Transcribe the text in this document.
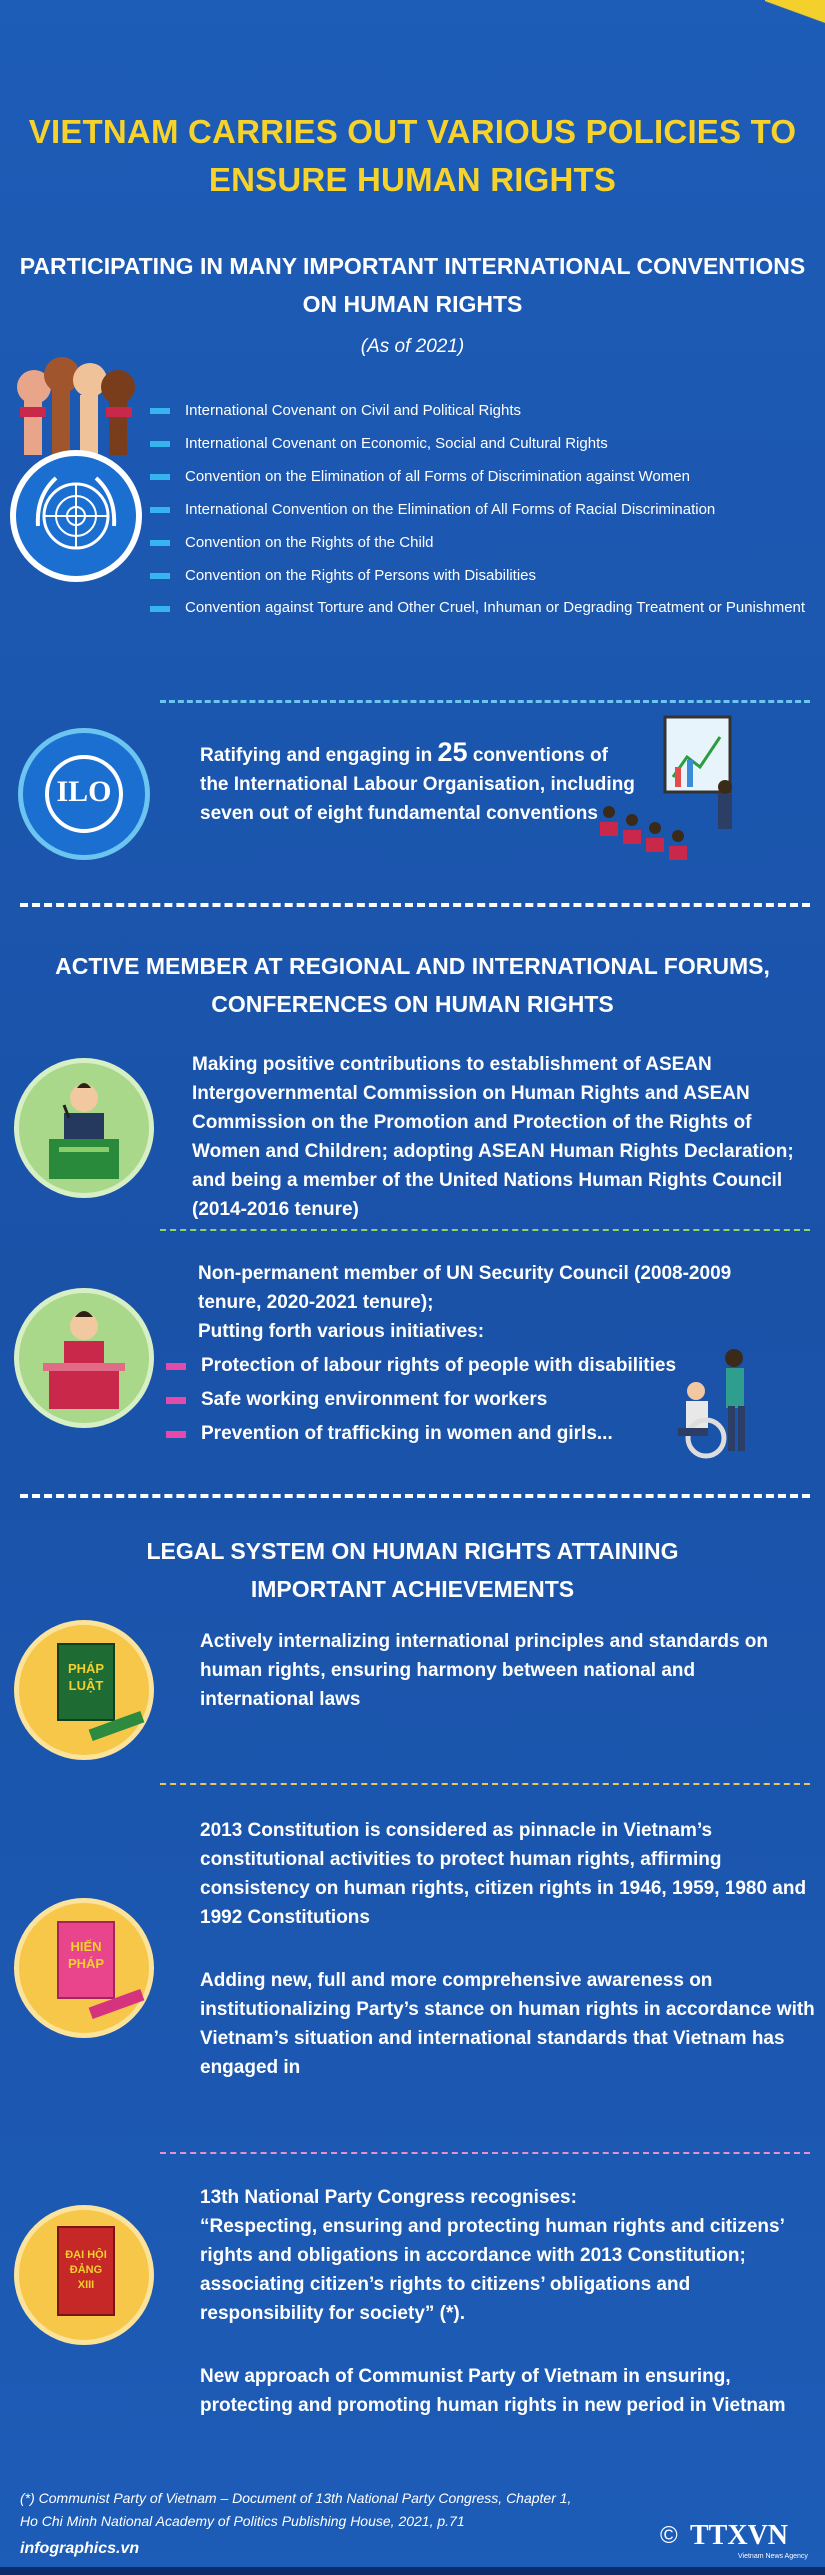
VIETNAM CARRIES OUT VARIOUS POLICIES TO
ENSURE HUMAN RIGHTS
PARTICIPATING IN MANY IMPORTANT INTERNATIONAL CONVENTIONS
ON HUMAN RIGHTS
(As of 2021)
International Covenant on Civil and Political Rights
International Covenant on Economic, Social and Cultural Rights
Convention on the Elimination of all Forms of Discrimination against Women
International Convention on the Elimination of All Forms of Racial Discrimination
Convention on the Rights of the Child
Convention on the Rights of Persons with Disabilities
Convention against Torture and Other Cruel, Inhuman or Degrading Treatment or Punishment
ILO
Ratifying and engaging in 25 conventions of the International Labour Organisation, including seven out of eight fundamental conventions
ACTIVE MEMBER AT REGIONAL AND INTERNATIONAL FORUMS,
CONFERENCES ON HUMAN RIGHTS
Making positive contributions to establishment of ASEAN Intergovernmental Commission on Human Rights and ASEAN Commission on the Promotion and Protection of the Rights of Women and Children; adopting ASEAN Human Rights Declaration; and being a member of the United Nations Human Rights Council (2014-2016 tenure)
Non-permanent member of UN Security Council (2008-2009 tenure, 2020-2021 tenure);
Putting forth various initiatives:
Protection of labour rights of people with disabilities
Safe working environment for workers
Prevention of trafficking in women and girls...
LEGAL SYSTEM ON HUMAN RIGHTS ATTAINING
IMPORTANT ACHIEVEMENTS
PHÁP
LUẬT
Actively internalizing international principles and standards on human rights, ensuring harmony between national and international laws
HIẾN
PHÁP
2013 Constitution is considered as pinnacle in Vietnam’s constitutional activities to protect human rights, affirming consistency on human rights, citizen rights in 1946, 1959, 1980 and 1992 Constitutions
Adding new, full and more comprehensive awareness on institutionalizing Party’s stance on human rights in accordance with Vietnam’s situation and international standards that Vietnam has engaged in
ĐẠI HỘI
ĐẢNG
XIII
13th National Party Congress recognises:
“Respecting, ensuring and protecting human rights and citizens’ rights and obligations in accordance with 2013 Constitution; associating citizen’s rights to citizens’ obligations and responsibility for society” (*).
New approach of Communist Party of Vietnam in ensuring, protecting and promoting human rights in new period in Vietnam
(*) Communist Party of Vietnam – Document of 13th National Party Congress, Chapter 1,
Ho Chi Minh National Academy of Politics Publishing House, 2021, p.71
© TTXVN
Vietnam News Agency
infographics.vn
